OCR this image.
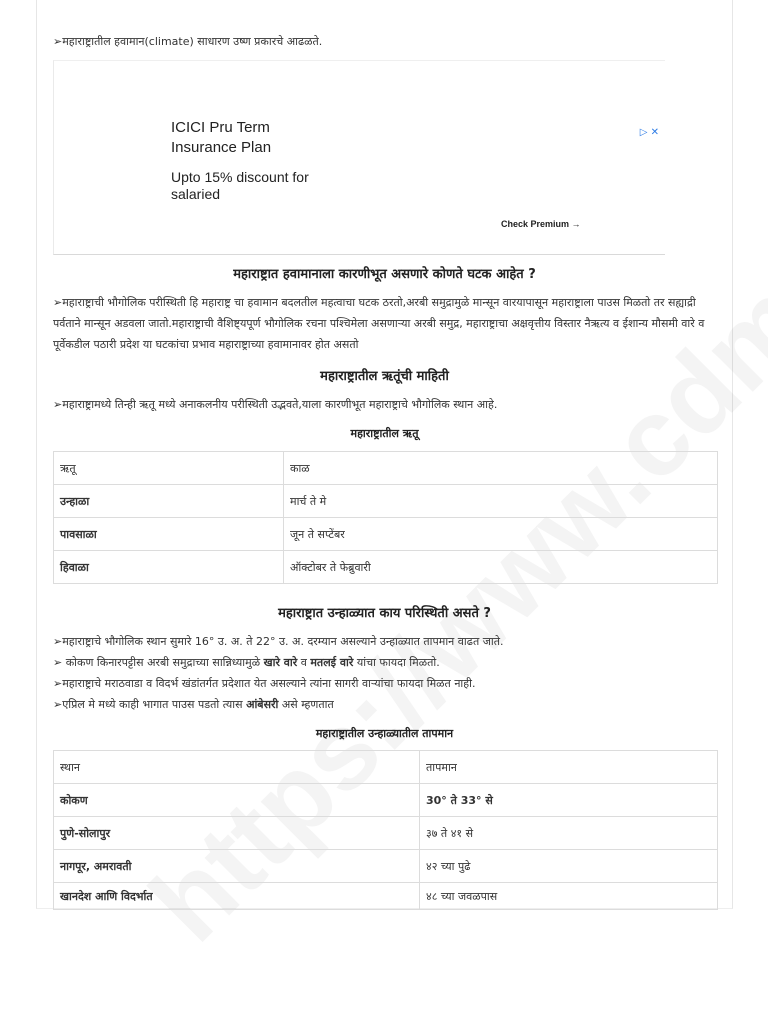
➢महाराष्ट्रातील हवामान(climate) साधारण उष्ण प्रकारचे आढळते.
▷ ✕
ICICI Pru Term Insurance Plan
Upto 15% discount for salaried
Check Premium →
महाराष्ट्रात हवामानाला कारणीभूत असणारे कोणते घटक आहेत ?
➢महाराष्ट्राची भौगोलिक परीस्थिती हि महाराष्ट्र चा हवामान बदलतील महत्वाचा घटक ठरतो,अरबी समुद्रामुळे मान्सून वारयापासून महाराष्ट्राला पाउस मिळतो तर सह्याद्री पर्वताने मान्सून अडवला जातो.महाराष्ट्राची वैशिष्ट्यपूर्ण भौगोलिक रचना पश्चिमेला असणाऱ्या अरबी समुद्र, महाराष्ट्राचा अक्षवृत्तीय विस्तार नैऋत्य व ईशान्य मौसमी वारे व पूर्वेकडील पठारी प्रदेश या घटकांचा प्रभाव महाराष्ट्राच्या हवामानावर होत असतो
महाराष्ट्रातील ऋतूंची माहिती
➢महाराष्ट्रामध्ये तिन्ही ऋतू मध्ये अनाकलनीय परीस्थिती उद्भवते,याला कारणीभूत महाराष्ट्राचे भौगोलिक स्थान आहे.
महाराष्ट्रातील ऋतू
ऋतू	काळ
उन्हाळा	मार्च ते मे
पावसाळा	जून ते सप्टेंबर
हिवाळा	ऑक्टोबर ते फेब्रुवारी
महाराष्ट्रात उन्हाळ्यात काय परिस्थिती असते ?
➢महाराष्ट्राचे भौगोलिक स्थान सुमारे 16° उ. अ. ते 22° उ. अ. दरम्यान असल्याने उन्हाळ्यात तापमान वाढत जाते.
➢ कोकण किनारपट्टीस अरबी समुद्राच्या सान्निध्यामुळे खारे वारे व मतलई वारे यांचा फायदा मिळतो.
➢महाराष्ट्राचे मराठवाडा व विदर्भ खंडांतर्गत प्रदेशात येत असल्याने त्यांना सागरी वाऱ्यांचा फायदा मिळत नाही.
➢एप्रिल मे मध्ये काही भागात पाउस पडतो त्यास आंबेसरी असे म्हणतात
महाराष्ट्रातील उन्हाळ्यातील तापमान
स्थान	तापमान
कोकण	30° ते 33° से
पुणे-सोलापुर	३७ ते ४१ से
नागपूर, अमरावती	४२ च्या पुढे
खानदेश आणि विदर्भात	४८ च्या जवळपास
